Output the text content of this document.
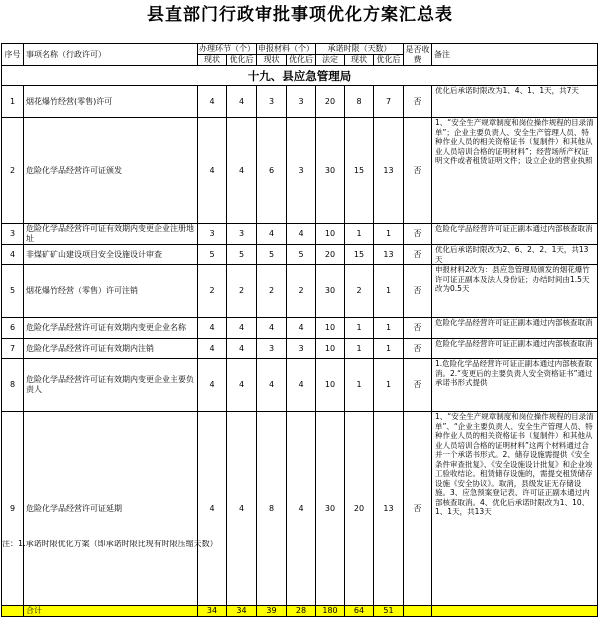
县直部门行政审批事项优化方案汇总表
序号	事项名称（行政许可）	办理环节（个）		申报材料（个）		承诺时限（天数）			是否收费	备注
		现状	优化后	现状	优化后	法定	现状	优化后		
十九、县应急管理局										
1	烟花爆竹经营(零售)许可	4	4	3	3	20	8	7	否	优化后承诺时限改为1、4、1、1天，共7天

2	危险化学品经营许可证颁发	4	4	6	3	30	15	13	否	1、“安全生产规章制度和岗位操作规程的目录清单”；企业主要负责人、安全生产管理人员、特种作业人员的相关资格证书（复制件）和其他从业人员培训合格的证明材料”；经营场所产权证明文件或者租赁证明文件；设立企业的营业执照

3	危险化学品经营许可证有效期内变更企业注册地址	3	3	4	4	10	1	1	否	危险化学品经营许可证正副本通过内部核查取消

4	非煤矿矿山建设项目安全设施设计审查	5	5	5	5	20	15	13	否	优化后承诺时限改为2、6、2、2、1天，共13天

5	烟花爆竹经营（零售）许可注销	2	2	2	2	30	2	1	否	申报材料2改为：县应急管理局颁发的烟花爆竹许可证正副本及法人身份证；办结时间由1.5天改为0.5天

6	危险化学品经营许可证有效期内变更企业名称	4	4	4	4	10	1	1	否	危险化学品经营许可证正副本通过内部核查取消

7	危险化学品经营许可证有效期内注销	4	4	3	3	10	1	1	否	危险化学品经营许可证正副本通过内部核查取消

8	危险化学品经营许可证有效期内变更企业主要负责人	4	4	4	4	10	1	1	否	1.危险化学品经营许可证正副本通过内部核查取消。2.“变更后的主要负责人安全资格证书”通过承诺书形式提供

9	危险化学品经营许可证延期	4	4	8	4	30	20	13	否	1、“安全生产规章制度和岗位操作规程的目录清单”、“企业主要负责人、安全生产管理人员、特种作业人员的相关资格证书（复制件）和其他从业人员培训合格的证明材料”这两个材料通过合并一个承诺书形式。2、储存设施需提供《安全条件审查批复》、《安全设施设计批复》和企业竣工验收结论。租赁储存设施的，需提交租赁储存设施《安全协议》。取消，县级发证无存储设施。3、应急预案登记表、许可证正副本通过内部核查取消。4、优化后承诺时限改为1、10、1、1天，共13天

	合计	34	34	39	28	180	64	51		
注：1.承诺时限优化方案（即承诺时限比现有时限压缩天数）
